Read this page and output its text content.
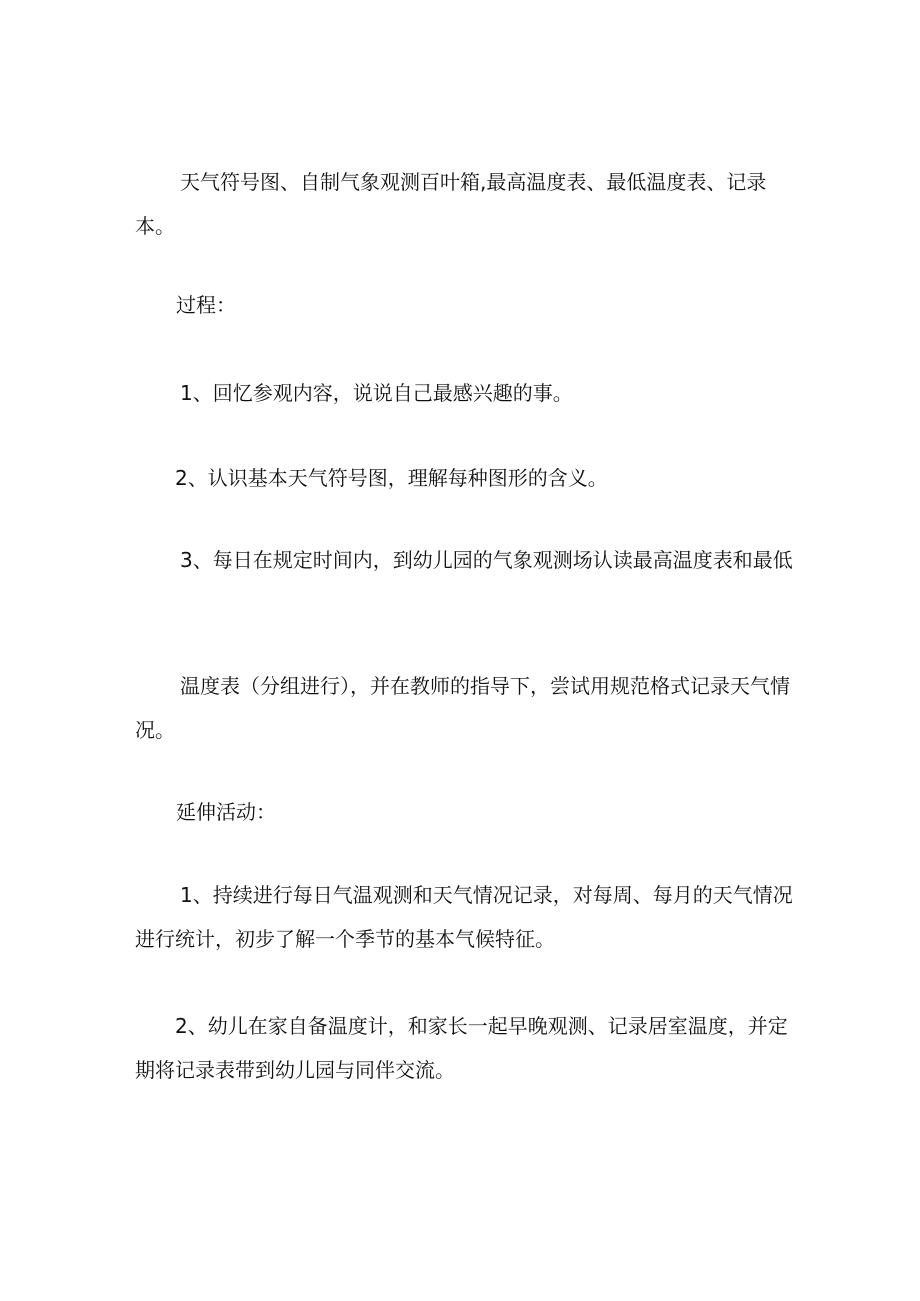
天气符号图、自制气象观测百叶箱,最高温度表、最低温度表、记录本。

过程：

1、回忆参观内容，说说自己最感兴趣的事。

2、认识基本天气符号图，理解每种图形的含义。

3、每日在规定时间内，到幼儿园的气象观测场认读最高温度表和最低

温度表（分组进行），并在教师的指导下，尝试用规范格式记录天气情况。

延伸活动：

1、持续进行每日气温观测和天气情况记录，对每周、每月的天气情况进行统计，初步了解一个季节的基本气候特征。

2、幼儿在家自备温度计，和家长一起早晚观测、记录居室温度，并定期将记录表带到幼儿园与同伴交流。
